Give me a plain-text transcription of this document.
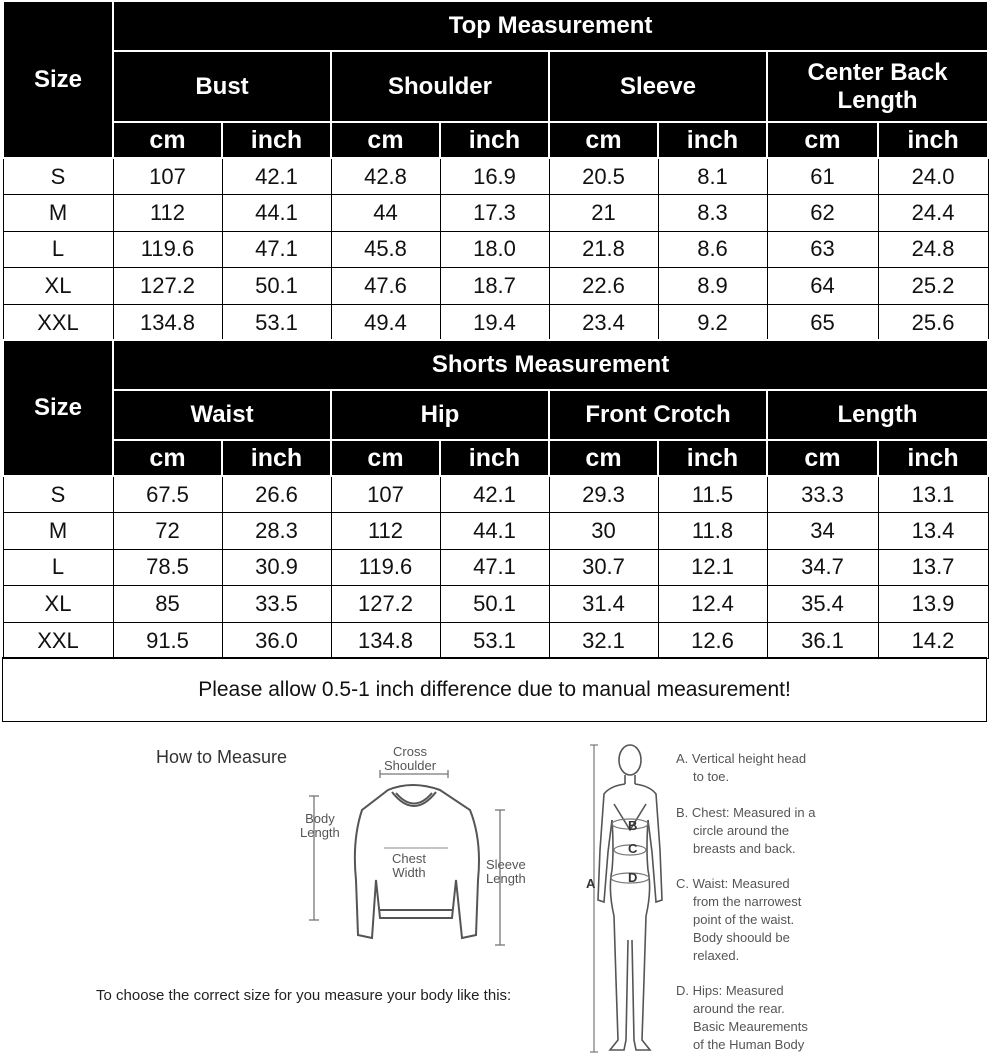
Size	Top Measurement							
	Bust		Shoulder		Sleeve		Center Back Length	
	cm	inch	cm	inch	cm	inch	cm	inch
S	107	42.1	42.8	16.9	20.5	8.1	61	24.0
M	112	44.1	44	17.3	21	8.3	62	24.4
L	119.6	47.1	45.8	18.0	21.8	8.6	63	24.8
XL	127.2	50.1	47.6	18.7	22.6	8.9	64	25.2
XXL	134.8	53.1	49.4	19.4	23.4	9.2	65	25.6
Size	Shorts Measurement							
	Waist		Hip		Front Crotch		Length	
	cm	inch	cm	inch	cm	inch	cm	inch
S	67.5	26.6	107	42.1	29.3	11.5	33.3	13.1
M	72	28.3	112	44.1	30	11.8	34	13.4
L	78.5	30.9	119.6	47.1	30.7	12.1	34.7	13.7
XL	85	33.5	127.2	50.1	31.4	12.4	35.4	13.9
XXL	91.5	36.0	134.8	53.1	32.1	12.6	36.1	14.2
Please allow 0.5-1 inch difference due to manual measurement!
How to Measure	Cross
Shoulder
Body
Length
Chest
Width
Sleeve
Length
To choose the correct size for you measure your body like this:
B
C
D
A
A. Vertical height head
to toe.
B. Chest: Measured in a
circle around the
breasts and back.
C. Waist: Measured
from the narrowest
point of the waist.
Body shoould be
relaxed.
D. Hips: Measured
around the rear.
Basic Meaurements
of the Human Body
